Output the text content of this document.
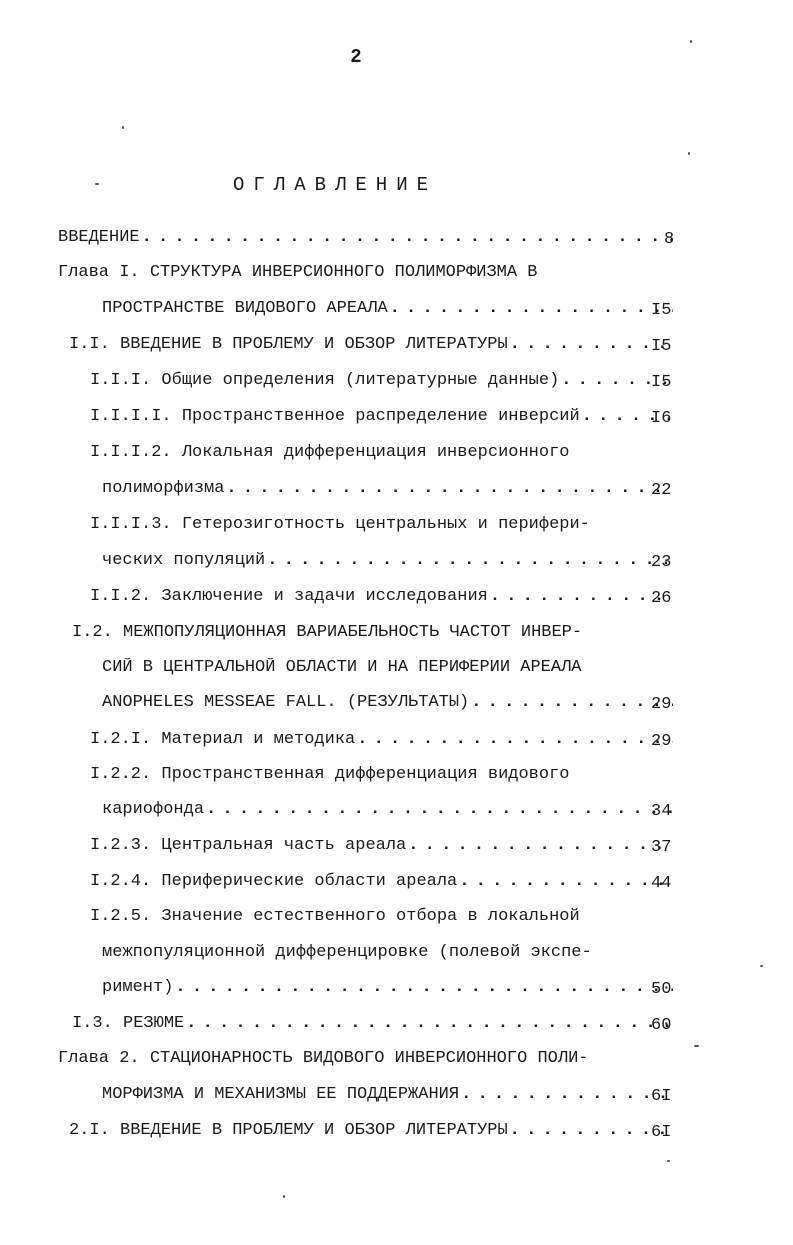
2
ОГЛАВЛЕНИЕ
ВВЕДЕНИЕ . . .	8
Глава I. СТРУКТУРА ИНВЕРСИОННОГО ПОЛИМОРФИЗМА В
ПРОСТРАНСТВЕ ВИДОВОГО АРЕАЛА . . .	I5
I.I. ВВЕДЕНИЕ В ПРОБЛЕМУ И ОБЗОР ЛИТЕРАТУРЫ . . .	I5
I.I.I. Общие определения (литературные данные) . . .	I5
I.I.I.I. Пространственное распределение инверсий . . .	I6
I.I.I.2. Локальная дифференциация инверсионного
полиморфизма . . .	22
I.I.I.3. Гетерозиготность центральных и перифери-
ческих популяций . . .	23
I.I.2. Заключение и задачи исследования . . .	26
I.2. МЕЖПОПУЛЯЦИОННАЯ ВАРИАБЕЛЬНОСТЬ ЧАСТОТ ИНВЕР-
СИЙ В ЦЕНТРАЛЬНОЙ ОБЛАСТИ И НА ПЕРИФЕРИИ АРЕАЛА
ANOPHELES MESSEAE FALL. (РЕЗУЛЬТАТЫ) . . .	29
I.2.I. Материал и методика . . .	29
I.2.2. Пространственная дифференциация видового
кариофонда . . .	34
I.2.3. Центральная часть ареала . . .	37
I.2.4. Периферические области ареала . . .	44
I.2.5. Значение естественного отбора в локальной
межпопуляционной дифференцировке (полевой экспе-
римент) . . .	50
I.3. РЕЗЮМЕ . . .	60
Глава 2. СТАЦИОНАРНОСТЬ ВИДОВОГО ИНВЕРСИОННОГО ПОЛИ-
МОРФИЗМА И МЕХАНИЗМЫ ЕЕ ПОДДЕРЖАНИЯ . . .	6I
2.I. ВВЕДЕНИЕ В ПРОБЛЕМУ И ОБЗОР ЛИТЕРАТУРЫ . . .	6I
